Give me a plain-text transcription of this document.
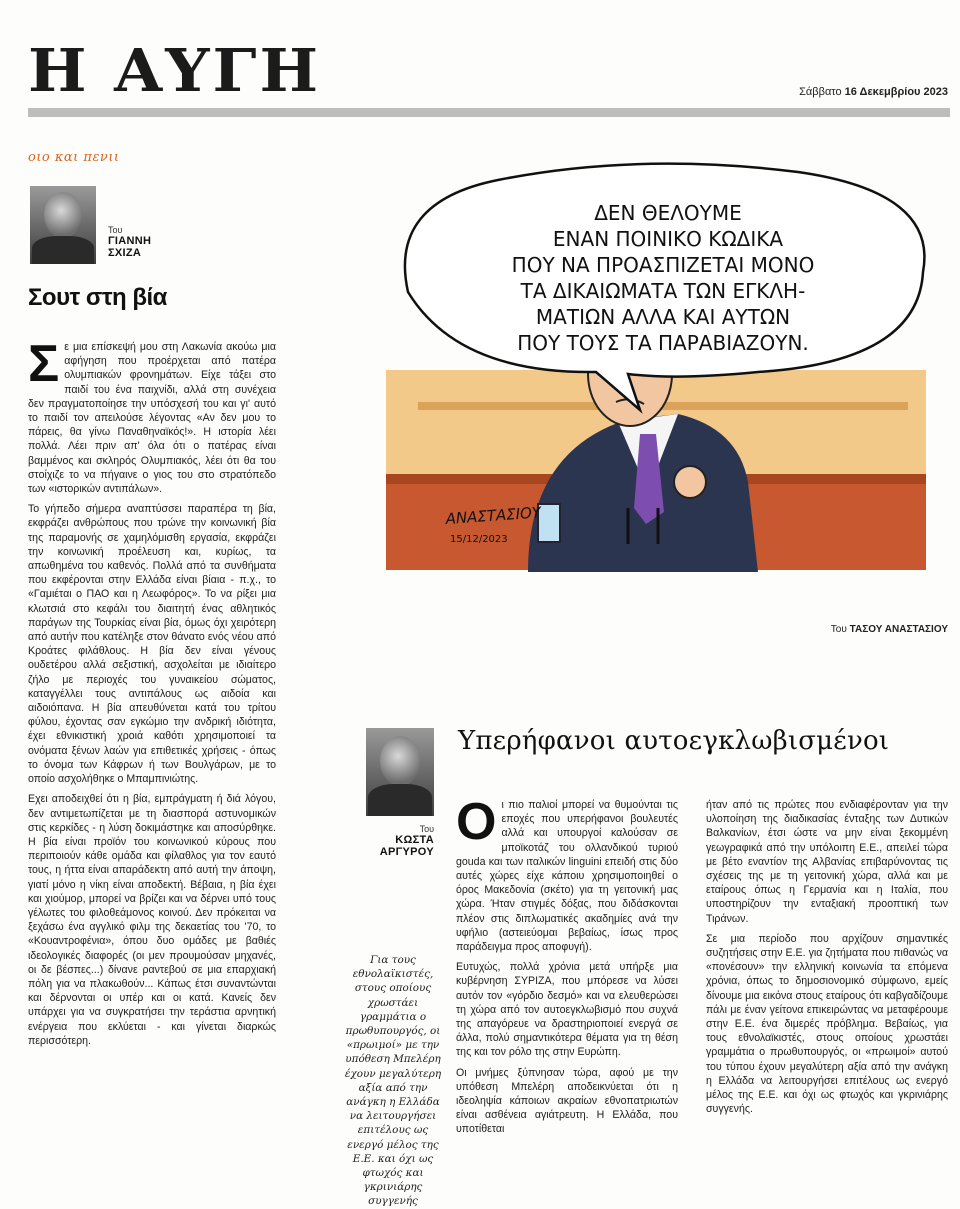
Η ΑΥΓΗ	Σάββατο 16 Δεκεμβρίου 2023
οιο και πενιι
Του
ΓΙΑΝΝΗ
ΣΧΙΖΑ
Σουτ στη βία

Σε μια επίσκεψή μου στη Λακωνία ακούω μια αφήγηση που προέρχεται από πατέρα ολυμπιακών φρονημάτων. Είχε τάξει στο παιδί του ένα παιχνίδι, αλλά στη συνέχεια δεν πραγματοποίησε την υπόσχεσή του και γι' αυτό το παιδί τον απειλούσε λέγοντας «Αν δεν μου το πάρεις, θα γίνω Παναθηναϊκός!». Η ιστορία λέει πολλά. Λέει πριν απ' όλα ότι ο πατέρας είναι βαμμένος και σκληρός Ολυμπιακός, λέει ότι θα του στοίχιζε το να πήγαινε ο γιος του στο στρατόπεδο των «ιστορικών αντιπάλων».

Το γήπεδο σήμερα αναπτύσσει παραπέρα τη βία, εκφράζει ανθρώπους που τρώνε την κοινωνική βία της παραμονής σε χαμηλόμισθη εργασία, εκφράζει την κοινωνική προέλευση και, κυρίως, τα απωθημένα του καθενός. Πολλά από τα συνθήματα που εκφέρονται στην Ελλάδα είναι βίαια - π.χ., το «Γαμιέται ο ΠΑΟ και η Λεωφόρος». Το να ρίξει μια κλωτσιά στο κεφάλι του διαιτητή ένας αθλητικός παράγων της Τουρκίας είναι βία, όμως όχι χειρότερη από αυτήν που κατέληξε στον θάνατο ενός νέου από Κροάτες φιλάθλους. Η βία δεν είναι γένους ουδετέρου αλλά σεξιστική, ασχολείται με ιδιαίτερο ζήλο με περιοχές του γυναικείου σώματος, καταγγέλλει τους αντιπάλους ως αιδοία και αιδοιόπανα. Η βία απευθύνεται κατά του τρίτου φύλου, έχοντας σαν εγκώμιο την ανδρική ιδιότητα, έχει εθνικιστική χροιά καθότι χρησιμοποιεί τα ονόματα ξένων λαών για επιθετικές χρήσεις - όπως το όνομα των Κάφρων ή των Βουλγάρων, με το οποίο ασχολήθηκε ο Μπαμπινιώτης.

Εχει αποδειχθεί ότι η βία, εμπράγματη ή διά λόγου, δεν αντιμετωπίζεται με τη διασπορά αστυνομικών στις κερκίδες - η λύση δοκιμάστηκε και αποσύρθηκε. Η βία είναι προϊόν του κοινωνικού κύρους που περιποιούν κάθε ομάδα και φίλαθλος για τον εαυτό τους, η ήττα είναι απαράδεκτη από αυτή την άποψη, γιατί μόνο η νίκη είναι αποδεκτή. Βέβαια, η βία έχει και χιούμορ, μπορεί να βρίζει και να δέρνει υπό τους γέλωτες του φιλοθεάμονος κοινού. Δεν πρόκειται να ξεχάσω ένα αγγλικό φιλμ της δεκαετίας του '70, το «Κουαντροφένια», όπου δυο ομάδες με βαθιές ιδεολογικές διαφορές (οι μεν προυμούσαν μηχανές, οι δε βέσπες...) δίνανε ραντεβού σε μια επαρχιακή πόλη για να πλακωθούν... Κάπως έτσι συναντώνται και δέρνονται οι υπέρ και οι κατά. Κανείς δεν υπάρχει για να συγκρατήσει την τεράστια αρνητική ενέργεια που εκλύεται - και γίνεται διαρκώς περισσότερη.

ΔΕΝ ΘΕΛΟΥΜΕ
ΕΝΑΝ ΠΟΙΝΙΚΟ ΚΩΔΙΚΑ
ΠΟΥ ΝΑ ΠΡΟΑΣΠΙΖΕΤΑΙ ΜΟΝΟ
ΤΑ ΔΙΚΑΙΩΜΑΤΑ ΤΩΝ ΕΓΚΛΗ-
ΜΑΤΙΩΝ ΑΛΛΑ ΚΑΙ ΑΥΤΩΝ
ΠΟΥ ΤΟΥΣ ΤΑ ΠΑΡΑΒΙΑΖΟΥΝ.
ΑΝΑΣΤΑΣΙΟΥ
15/12/2023
Του ΤΑΣΟΥ ΑΝΑΣΤΑΣΙΟΥ
Του
ΚΩΣΤΑ
ΑΡΓΥΡΟΥ
Υπερήφανοι αυτοεγκλωβισμένοι
Για τους εθνολαϊκιστές, στους οποίους χρωστάει γραμμάτια ο πρωθυπουργός, οι «πρωιμοί» με την υπόθεση Μπελέρη έχουν μεγαλύτερη αξία από την ανάγκη η Ελλάδα να λειτουργήσει επιτέλους ως ενεργό μέλος της Ε.Ε. και όχι ως φτωχός και γκρινιάρης συγγενής

Οι πιο παλιοί μπορεί να θυμούνται τις εποχές που υπερήφανοι βουλευτές αλλά και υπουργοί καλούσαν σε μποϊκοτάζ του ολλανδικού τυριού gouda και των ιταλικών linguini επειδή στις δύο αυτές χώρες είχε κάποιυ χρησιμοποιηθεί ο όρος Μακεδονία (σκέτο) για τη γειτονική μας χώρα. Ήταν στιγμές δόξας, που διδάσκονται πλέον στις διπλωματικές ακαδημίες ανά την υφήλιο (αστειεύομαι βεβαίως, ίσως προς παράδειγμα προς αποφυγή).

Ευτυχώς, πολλά χρόνια μετά υπήρξε μια κυβέρνηση ΣΥΡΙΖΑ, που μπόρεσε να λύσει αυτόν τον «γόρδιο δεσμό» και να ελευθερώσει τη χώρα από τον αυτοεγκλωβισμό που συχνά της απαγόρευε να δραστηριοποιεί ενεργά σε άλλα, πολύ σημαντικότερα θέματα για τη θέση της και τον ρόλο της στην Ευρώπη.

Οι μνήμες ξύπνησαν τώρα, αφού με την υπόθεση Μπελέρη αποδεικνύεται ότι η ιδεοληψία κάποιων ακραίων εθνοπατριωτών είναι ασθένεια αγιάτρευτη. Η Ελλάδα, που υποτίθεται

ήταν από τις πρώτες που ενδιαφέρονταν για την υλοποίηση της διαδικασίας ένταξης των Δυτικών Βαλκανίων, έτσι ώστε να μην είναι ξεκομμένη γεωγραφικά από την υπόλοιπη Ε.Ε., απειλεί τώρα με βέτο εναντίον της Αλβανίας επιβαρύνοντας τις σχέσεις της με τη γειτονική χώρα, αλλά και με εταίρους όπως η Γερμανία και η Ιταλία, που υποστηρίζουν την ενταξιακή προοπτική των Τιράνων.

Σε μια περίοδο που αρχίζουν σημαντικές συζητήσεις στην Ε.Ε. για ζητήματα που πιθανώς να «πονέσουν» την ελληνική κοινωνία τα επόμενα χρόνια, όπως το δημοσιονομικό σύμφωνο, εμείς δίνουμε μια εικόνα στους εταίρους ότι καβγαδίζουμε πάλι με έναν γείτονα επικειρώντας να μεταφέρουμε στην Ε.Ε. ένα διμερές πρόβλημα. Βεβαίως, για τους εθνολαϊκιστές, στους οποίους χρωστάει γραμμάτια ο πρωθυπουργός, οι «πρωιμοί» αυτού του τύπου έχουν μεγαλύτερη αξία από την ανάγκη η Ελλάδα να λειτουργήσει επιτέλους ως ενεργό μέλος της Ε.Ε. και όχι ως φτωχός και γκρινιάρης συγγενής.
